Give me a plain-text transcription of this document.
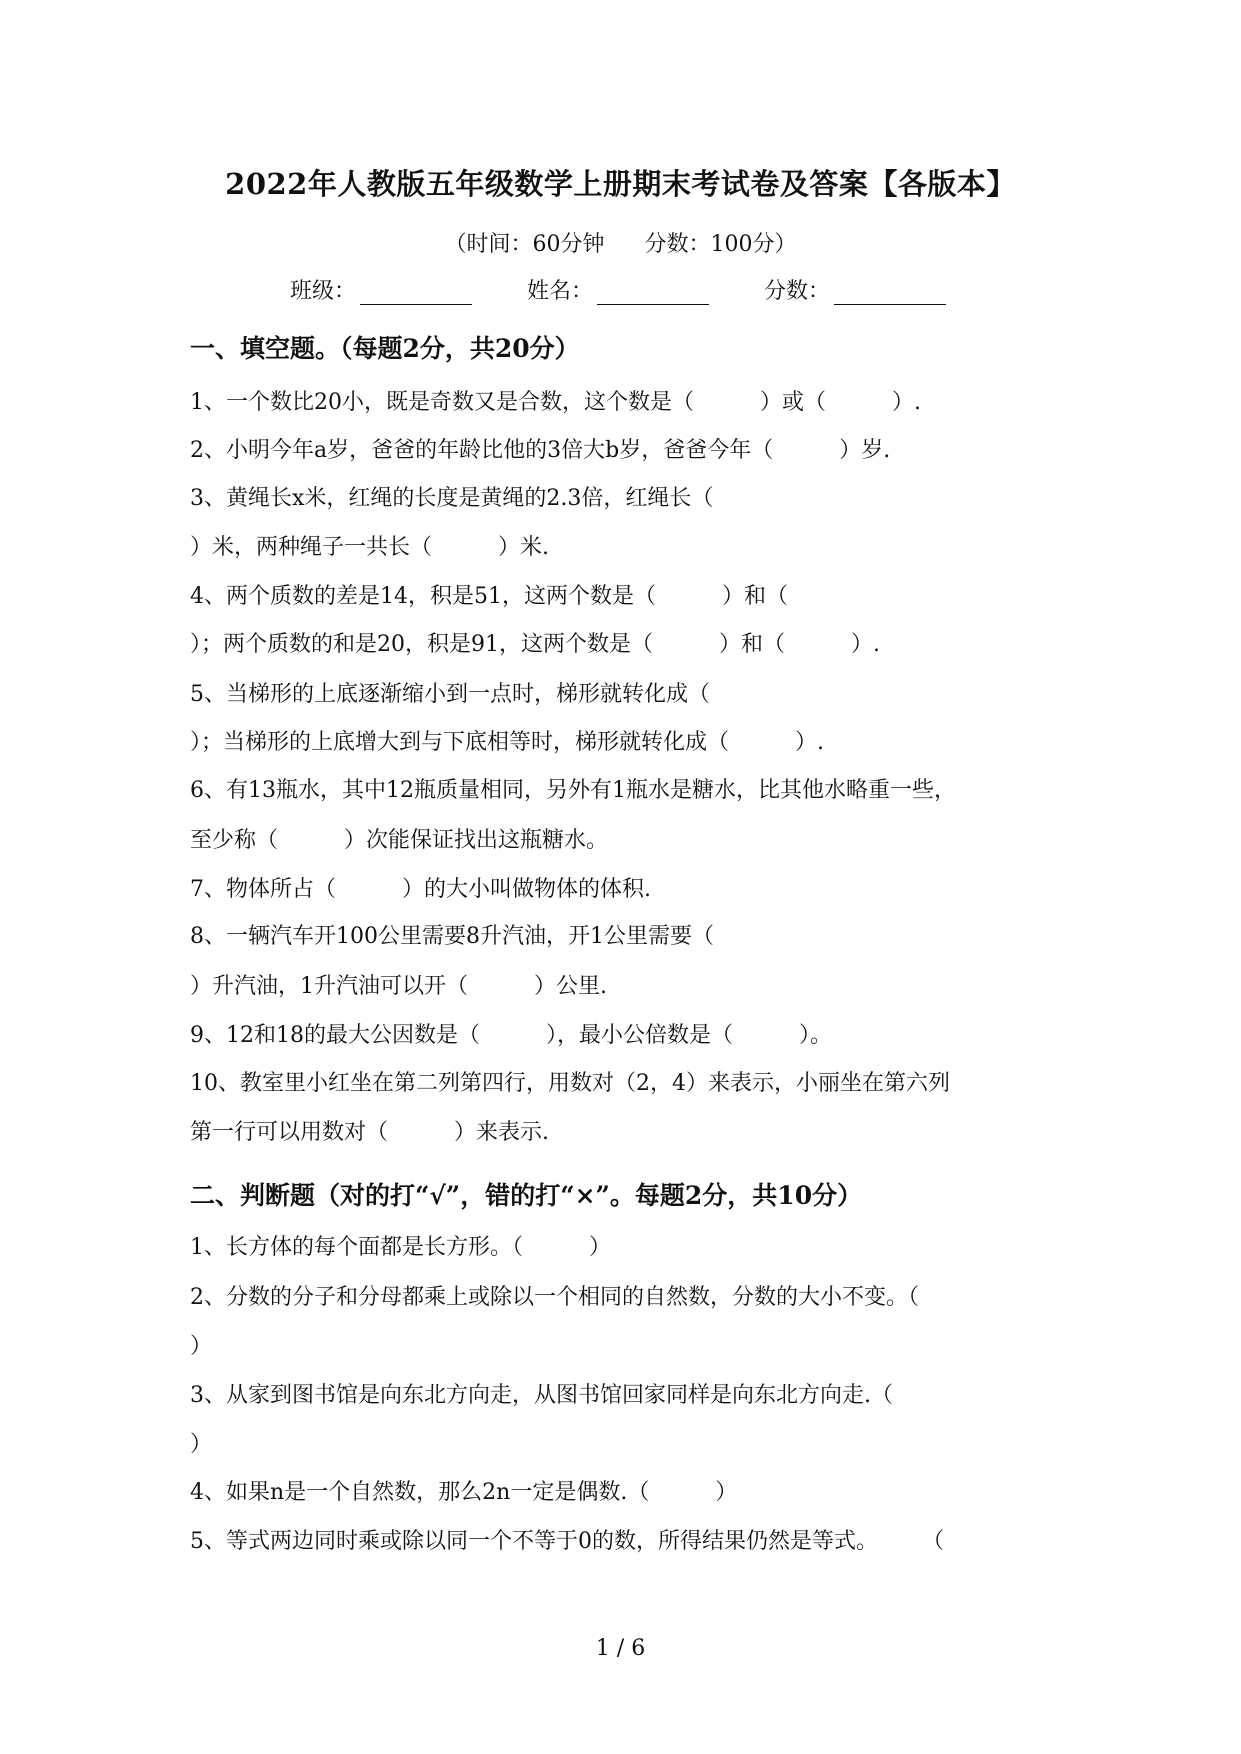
2022年人教版五年级数学上册期末考试卷及答案【各版本】
（时间：60分钟 分数：100分）
班级：	姓名：	分数：
一、填空题。（每题2分，共20分）
1、一个数比20小，既是奇数又是合数，这个数是（　　　）或（　　　）.
2、小明今年a岁，爸爸的年龄比他的3倍大b岁，爸爸今年（　　　）岁.
3、黄绳长x米，红绳的长度是黄绳的2.3倍，红绳长（
）米，两种绳子一共长（　　　）米.
4、两个质数的差是14，积是51，这两个数是（　　　）和（
）；两个质数的和是20，积是91，这两个数是（　　　）和（　　　）.
5、当梯形的上底逐渐缩小到一点时，梯形就转化成（
）；当梯形的上底增大到与下底相等时，梯形就转化成（　　　）.
6、有13瓶水，其中12瓶质量相同，另外有1瓶水是糖水，比其他水略重一些，
至少称（　　　）次能保证找出这瓶糖水。
7、物体所占（　　　）的大小叫做物体的体积.
8、一辆汽车开100公里需要8升汽油，开1公里需要（
）升汽油，1升汽油可以开（　　　）公里.
9、12和18的最大公因数是（　　　），最小公倍数是（　　　）。
10、教室里小红坐在第二列第四行，用数对（2，4）来表示，小丽坐在第六列
第一行可以用数对（　　　）来表示.
二、判断题（对的打“√”，错的打“×”。每题2分，共10分）
1、长方体的每个面都是长方形。（　　　）
2、分数的分子和分母都乘上或除以一个相同的自然数，分数的大小不变。（
）
3、从家到图书馆是向东北方向走，从图书馆回家同样是向东北方向走.（
）
4、如果n是一个自然数，那么2n一定是偶数.（　　　）
5、等式两边同时乘或除以同一个不等于0的数，所得结果仍然是等式。　　　（
1 / 6
